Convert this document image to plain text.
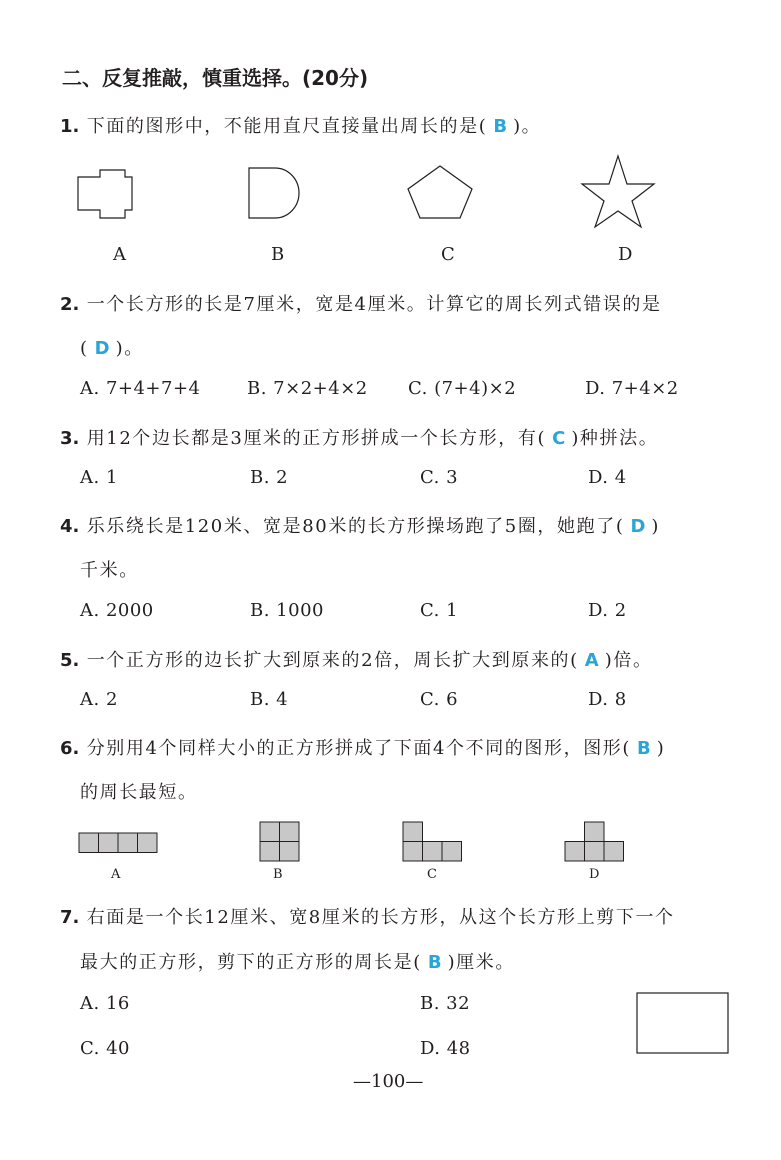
二、反复推敲，慎重选择。(20分)
1. 下面的图形中，不能用直尺直接量出周长的是( B )。
A	B	C	D
2. 一个长方形的长是7厘米，宽是4厘米。计算它的周长列式错误的是
( D )。
A. 7+4+7+4	B. 7×2+4×2 C. (7+4)×2	D. 7+4×2
3. 用12个边长都是3厘米的正方形拼成一个长方形，有( C )种拼法。
A. 1	B. 2	C. 3	D. 4
4. 乐乐绕长是120米、宽是80米的长方形操场跑了5圈，她跑了( D )
千米。
A. 2000	B. 1000	C. 1	D. 2
5. 一个正方形的边长扩大到原来的2倍，周长扩大到原来的( A )倍。
A. 2	B. 4	C. 6	D. 8
6. 分别用4个同样大小的正方形拼成了下面4个不同的图形，图形( B )
的周长最短。
A	B	C	D
7. 右面是一个长12厘米、宽8厘米的长方形，从这个长方形上剪下一个
最大的正方形，剪下的正方形的周长是( B )厘米。
A. 16	B. 32
C. 40	D. 48
—100—
